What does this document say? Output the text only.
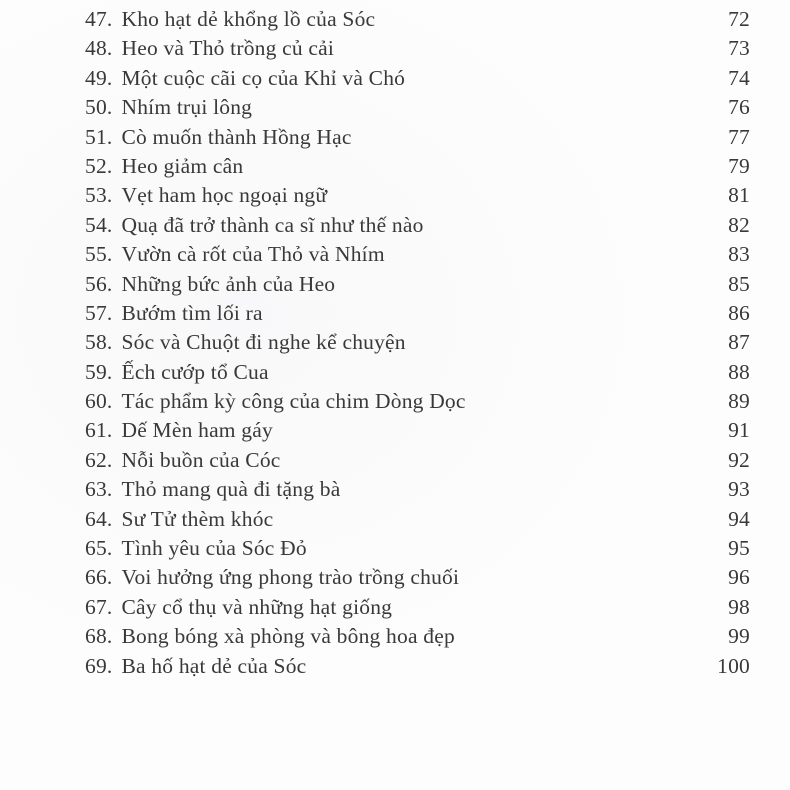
47. Kho hạt dẻ khổng lồ của Sóc	72
48. Heo và Thỏ trồng củ cải	73
49. Một cuộc cãi cọ của Khỉ và Chó	74
50. Nhím trụi lông	76
51. Cò muốn thành Hồng Hạc	77
52. Heo giảm cân	79
53. Vẹt ham học ngoại ngữ	81
54. Quạ đã trở thành ca sĩ như thế nào	82
55. Vườn cà rốt của Thỏ và Nhím	83
56. Những bức ảnh của Heo	85
57. Bướm tìm lối ra	86
58. Sóc và Chuột đi nghe kể chuyện	87
59. Ếch cướp tổ Cua	88
60. Tác phẩm kỳ công của chim Dòng Dọc	89
61. Dế Mèn ham gáy	91
62. Nỗi buồn của Cóc	92
63. Thỏ mang quà đi tặng bà	93
64. Sư Tử thèm khóc	94
65. Tình yêu của Sóc Đỏ	95
66. Voi hưởng ứng phong trào trồng chuối	96
67. Cây cổ thụ và những hạt giống	98
68. Bong bóng xà phòng và bông hoa đẹp	99
69. Ba hố hạt dẻ của Sóc	100
